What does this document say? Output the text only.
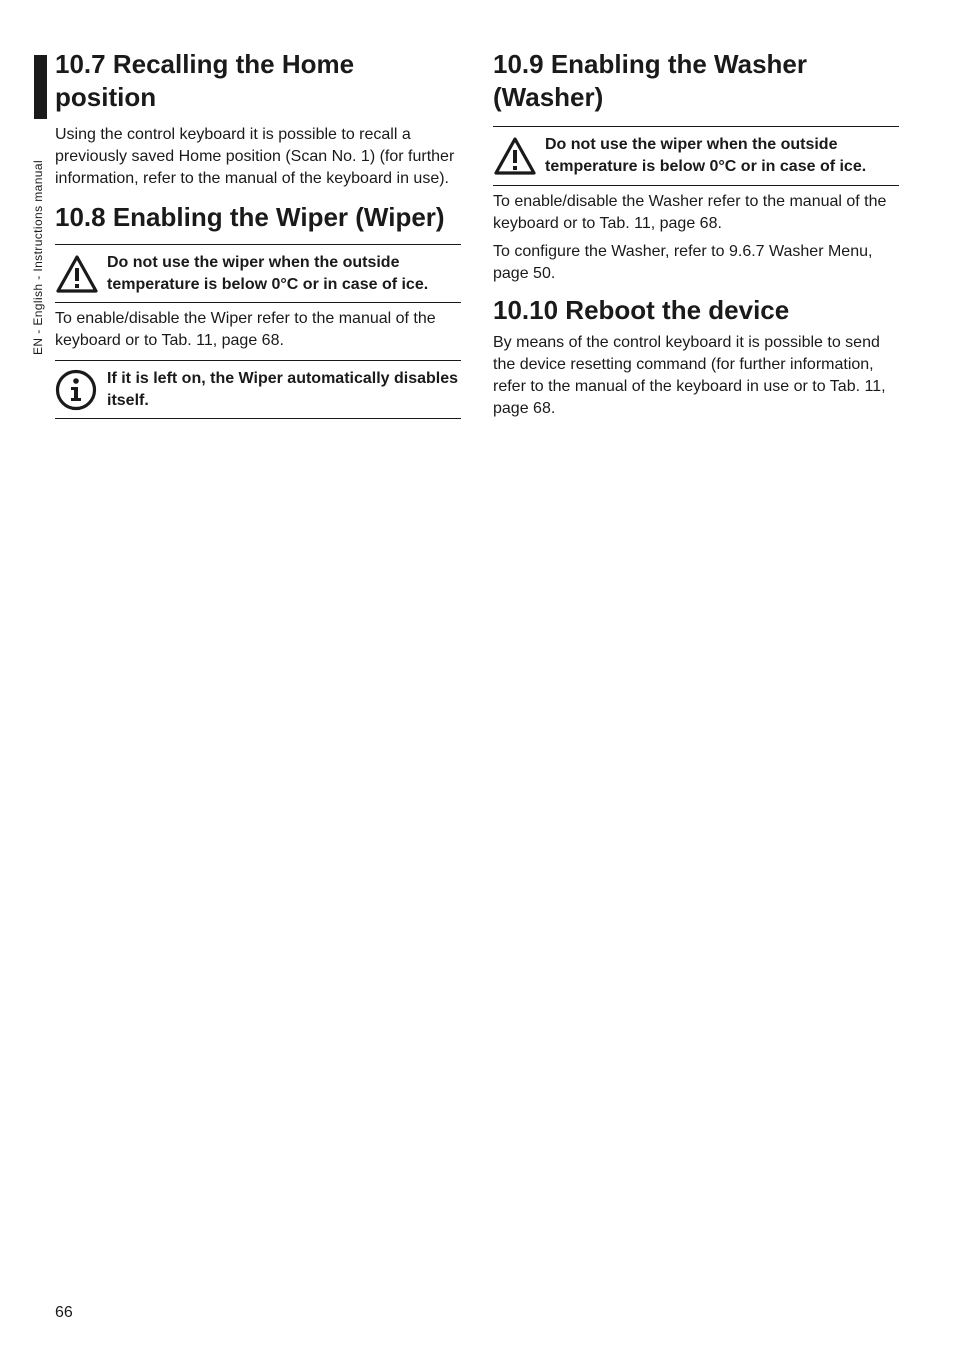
EN - English - Instructions manual
10.7 Recalling the Home position

Using the control keyboard it is possible to recall a previously saved Home position (Scan No. 1) (for further information, refer to the manual of the keyboard in use).

10.8 Enabling the Wiper (Wiper)
Do not use the wiper when the outside temperature is below 0°C or in case of ice.

To enable/disable the Wiper refer to the manual of the keyboard or to Tab. 11, page 68.

If it is left on, the Wiper automatically disables itself.
10.9 Enabling the Washer (Washer)
Do not use the wiper when the outside temperature is below 0°C or in case of ice.

To enable/disable the Washer refer to the manual of the keyboard or to Tab. 11, page 68.

To configure the Washer, refer to 9.6.7 Washer Menu, page 50.

10.10 Reboot the device

By means of the control keyboard it is possible to send the device resetting command (for further information, refer to the manual of the keyboard in use or to Tab. 11, page 68.

66
